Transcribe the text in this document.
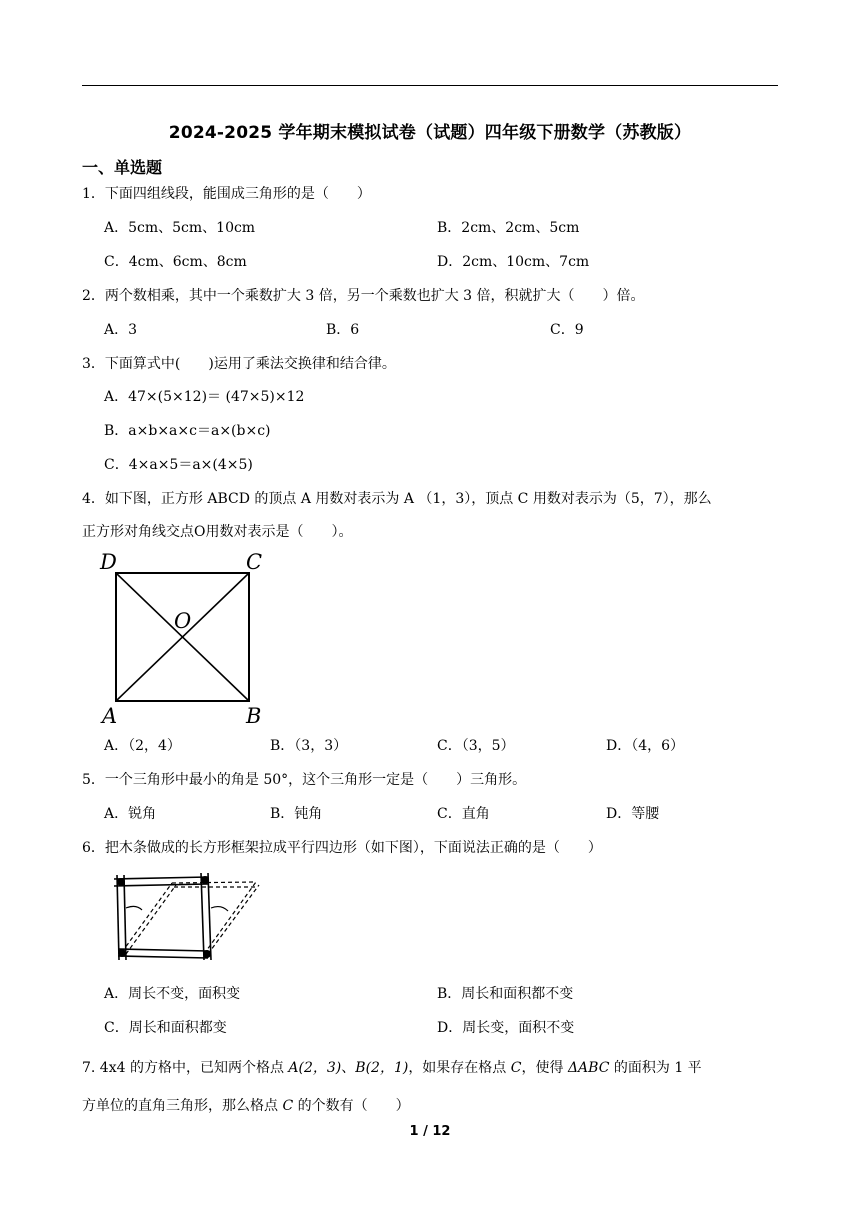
2024-2025 学年期末模拟试卷（试题）四年级下册数学（苏教版）
一、单选题
1．下面四组线段，能围成三角形的是（　　）
A．5cm、5cm、10cm	B．2cm、2cm、5cm
C．4cm、6cm、8cm	D．2cm、10cm、7cm
2．两个数相乘，其中一个乘数扩大 3 倍，另一个乘数也扩大 3 倍，积就扩大（　　）倍。
A．3	B．6	C．9
3．下面算式中(　　)运用了乘法交换律和结合律。
A．47×(5×12)＝ (47×5)×12
B．a×b×a×c＝a×(b×c)
C．4×a×5＝a×(4×5)
4．如下图，正方形 ABCD 的顶点 A 用数对表示为 A （1，3），顶点 C 用数对表示为（5，7），那么
正方形对角线交点O用数对表示是（　　）。
D	C
O
A	B
A．（2，4）	B．（3，3）	C．（3，5）	D．（4，6）
5．一个三角形中最小的角是 50°，这个三角形一定是（　　）三角形。
A．锐角	B．钝角	C．直角	D．等腰
6．把木条做成的长方形框架拉成平行四边形（如下图），下面说法正确的是（　　）
A．周长不变，面积变	B．周长和面积都不变
C．周长和面积都变	D．周长变，面积不变
7. 4x4 的方格中，已知两个格点 A(2，3)、B(2，1)，如果存在格点 C，使得 ΔABC 的面积为 1 平
方单位的直角三角形，那么格点 C 的个数有（　　）
1 / 12
